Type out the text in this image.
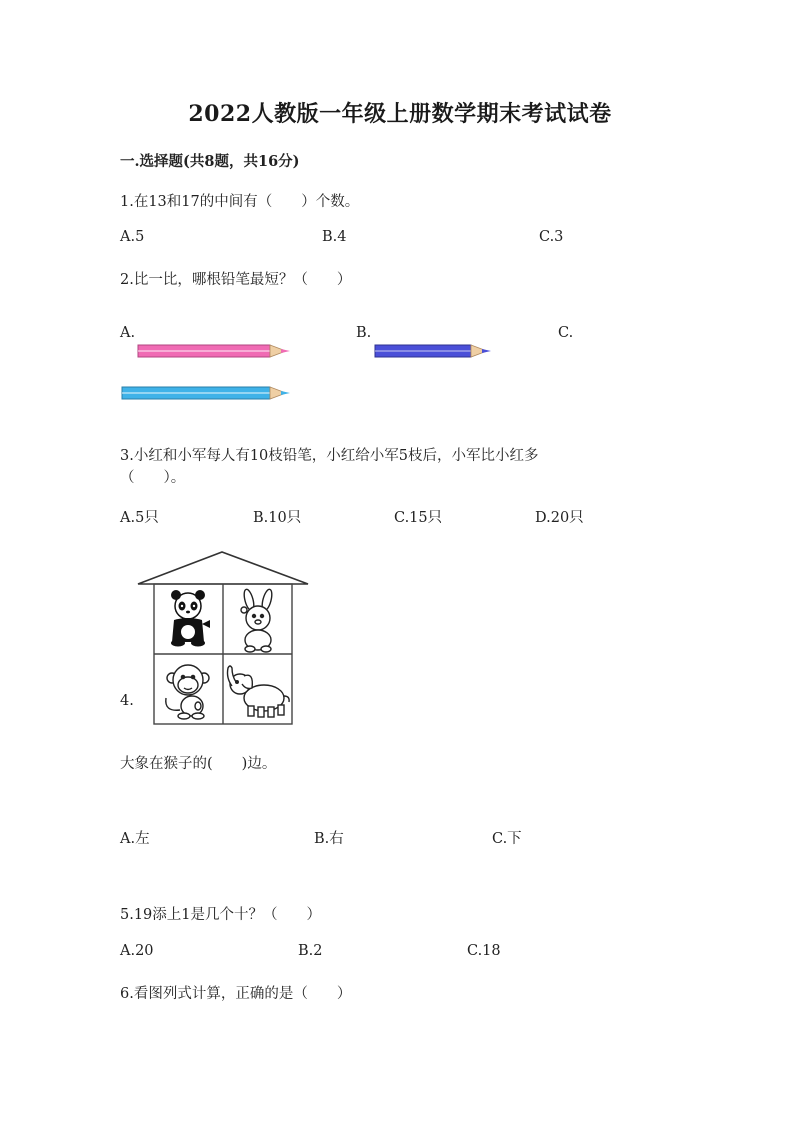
2022人教版一年级上册数学期末考试试卷
一.选择题(共8题，共16分)
1.在13和17的中间有（　　）个数。
A.5	B.4	C.3
2.比一比，哪根铅笔最短？（　　）
A.	B.	C.
3.小红和小军每人有10枝铅笔，小红给小军5枝后，小军比小红多
（　　）。
A.5只	B.10只	C.15只	D.20只
4.
大象在猴子的(　　)边。
A.左	B.右	C.下
5.19添上1是几个十？（　　）
A.20	B.2	C.18
6.看图列式计算，正确的是（　　）
